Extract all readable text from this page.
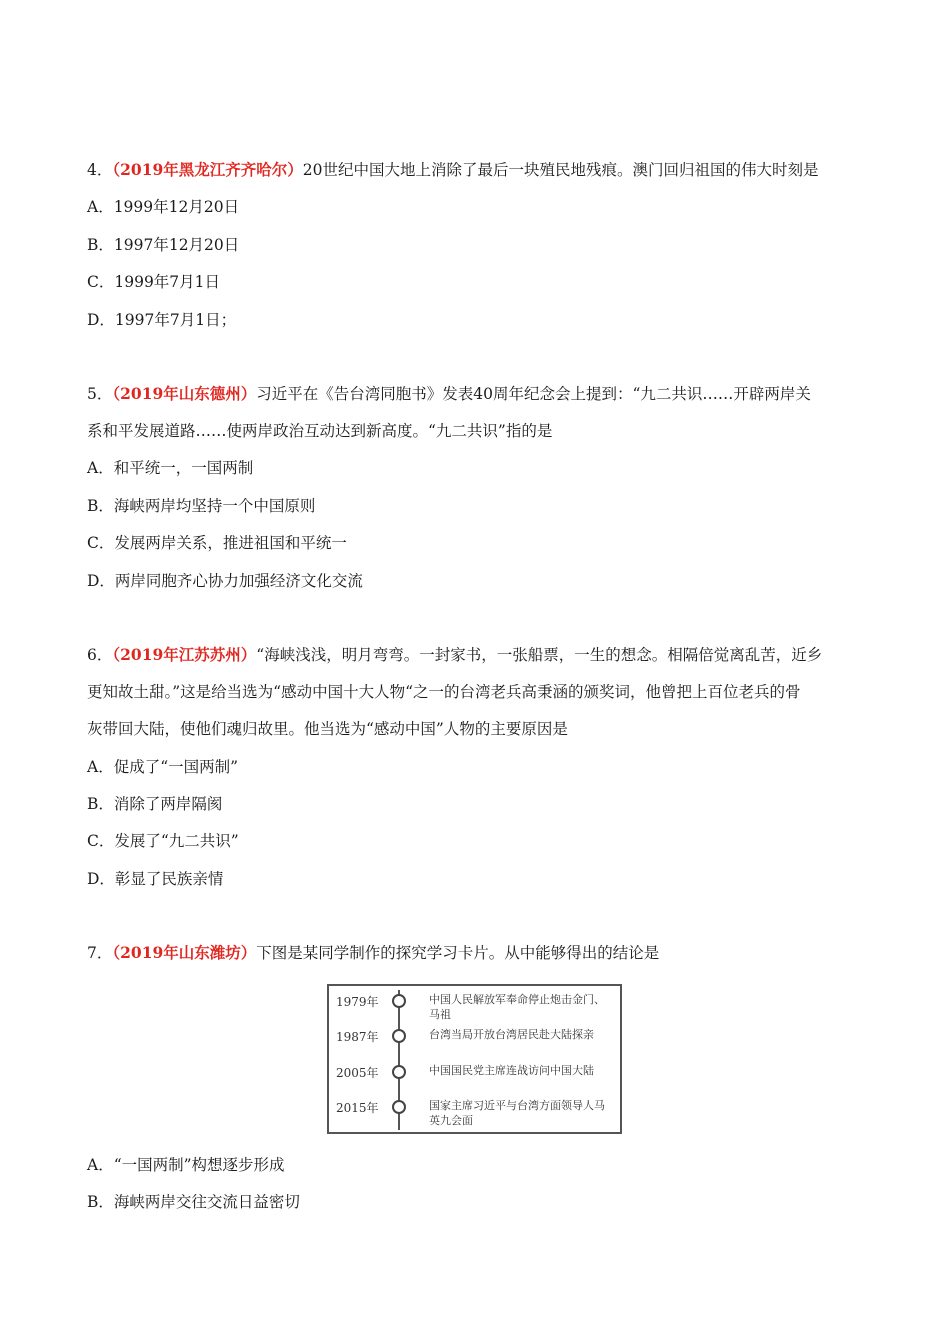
4．（2019年黑龙江齐齐哈尔）20世纪中国大地上消除了最后一块殖民地残痕。澳门回归祖国的伟大时刻是
A．1999年12月20日
B．1997年12月20日
C．1999年7月1日
D．1997年7月1日；
5．（2019年山东德州）习近平在《告台湾同胞书》发表40周年纪念会上提到：“九二共识……开辟两岸关
系和平发展道路……使两岸政治互动达到新高度。“九二共识”指的是
A．和平统一，一国两制
B．海峡两岸均坚持一个中国原则
C．发展两岸关系，推进祖国和平统一
D．两岸同胞齐心协力加强经济文化交流
6．（2019年江苏苏州）“海峡浅浅，明月弯弯。一封家书，一张船票，一生的想念。相隔倍觉离乱苦，近乡
更知故土甜。”这是给当选为“感动中国十大人物“之一的台湾老兵高秉涵的颁奖词，他曾把上百位老兵的骨
灰带回大陆，使他们魂归故里。他当选为“感动中国”人物的主要原因是
A．促成了“一国两制”
B．消除了两岸隔阂
C．发展了“九二共识”
D．彰显了民族亲情
7．（2019年山东潍坊）下图是某同学制作的探究学习卡片。从中能够得出的结论是
1979年	中国人民解放军奉命停止炮击金门、马祖
1987年	台湾当局开放台湾居民赴大陆探亲
2005年	中国国民党主席连战访问中国大陆
2015年	国家主席习近平与台湾方面领导人马英九会面
A．“一国两制”构想逐步形成
B．海峡两岸交往交流日益密切
